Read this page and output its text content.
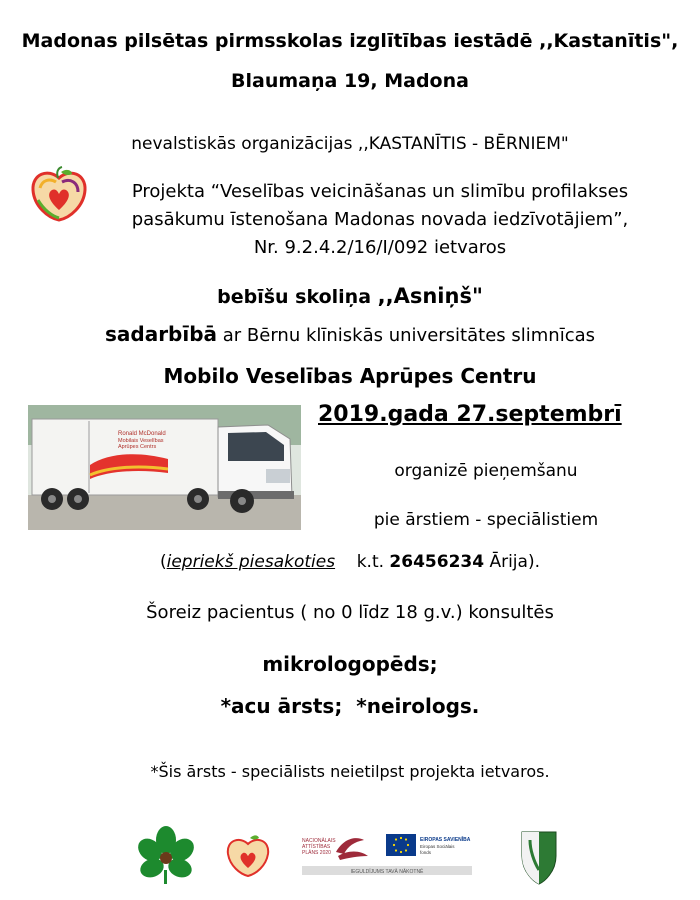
Madonas pilsētas pirmsskolas izglītības iestādē ,,Kastanītis",
Blaumaņa 19, Madona
nevalstiskās organizācijas ,,KASTANĪTIS - BĒRNIEM"
Projekta “Veselības veicināšanas un slimību profilakses
pasākumu īstenošana Madonas novada iedzīvotājiem”,
Nr. 9.2.4.2/16/I/092 ietvaros
bebīšu skoliņa ,,Asniņš"
sadarbībā ar Bērnu klīniskās universitātes slimnīcas
Mobilo Veselības Aprūpes Centru
Ronald McDonald
Mobilais Veselības
Aprūpes Centrs
2019.gada 27.septembrī
organizē pieņemšanu
pie ārstiem - speciālistiem
(iepriekš piesakoties    k.t. 26456234 Ārija).
Šoreiz pacientus ( no 0 līdz 18 g.v.) konsultēs
mikrologopēds;
*acu ārsts;  *neirologs.
*Šis ārsts - speciālists neietilpst projekta ietvaros.
NACIONĀLAIS
ATTĪSTĪBAS
PLĀNS 2020
EIROPAS SAVIENĪBA
Eiropas Sociālais
fonds
IEGULDĪJUMS TAVĀ NĀKOTNĒ
